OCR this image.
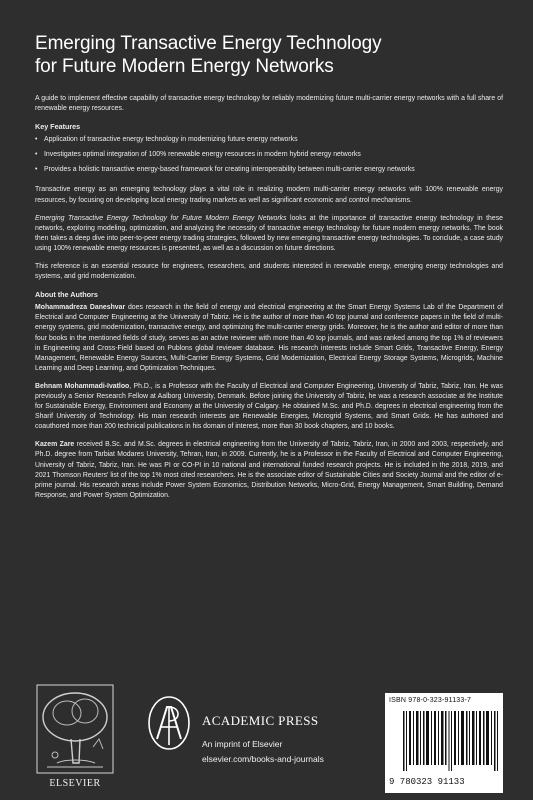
Emerging Transactive Energy Technology
for Future Modern Energy Networks

A guide to implement effective capability of transactive energy technology for reliably modernizing future multi-carrier energy networks with a full share of renewable energy resources.

Key Features
• Application of transactive energy technology in modernizing future energy networks
• Investigates optimal integration of 100% renewable energy resources in modern hybrid energy networks
• Provides a holistic transactive energy-based framework for creating interoperability between multi-carrier energy networks

Transactive energy as an emerging technology plays a vital role in realizing modern multi-carrier energy networks with 100% renewable energy resources, by focusing on developing local energy trading markets as well as significant economic and control mechanisms.

Emerging Transactive Energy Technology for Future Modern Energy Networks looks at the importance of transactive energy technology in these networks, exploring modeling, optimization, and analyzing the necessity of transactive energy technology for future modern energy networks. The book then takes a deep dive into peer-to-peer energy trading strategies, followed by new emerging transactive energy technologies. To conclude, a case study using 100% renewable energy resources is presented, as well as a discussion on future directions.

This reference is an essential resource for engineers, researchers, and students interested in renewable energy, emerging energy technologies and systems, and grid modernization.

About the Authors

Mohammadreza Daneshvar does research in the field of energy and electrical engineering at the Smart Energy Systems Lab of the Department of Electrical and Computer Engineering at the University of Tabriz. He is the author of more than 40 top journal and conference papers in the field of multi-energy systems, grid modernization, transactive energy, and optimizing the multi-carrier energy grids. Moreover, he is the author and editor of more than four books in the mentioned fields of study, serves as an active reviewer with more than 40 top journals, and was ranked among the top 1% of reviewers in Engineering and Cross-Field based on Publons global reviewer database. His research interests include Smart Grids, Transactive Energy, Energy Management, Renewable Energy Sources, Multi-Carrier Energy Systems, Grid Modernization, Electrical Energy Storage Systems, Microgrids, Machine Learning and Deep Learning, and Optimization Techniques.

Behnam Mohammadi-Ivatloo, Ph.D., is a Professor with the Faculty of Electrical and Computer Engineering, University of Tabriz, Tabriz, Iran. He was previously a Senior Research Fellow at Aalborg University, Denmark. Before joining the University of Tabriz, he was a research associate at the Institute for Sustainable Energy, Environment and Economy at the University of Calgary. He obtained M.Sc. and Ph.D. degrees in electrical engineering from the Sharif University of Technology. His main research interests are Renewable Energies, Microgrid Systems, and Smart Grids. He has authored and coauthored more than 200 technical publications in his domain of interest, more than 30 book chapters, and 10 books.

Kazem Zare received B.Sc. and M.Sc. degrees in electrical engineering from the University of Tabriz, Tabriz, Iran, in 2000 and 2003, respectively, and Ph.D. degree from Tarbiat Modares University, Tehran, Iran, in 2009. Currently, he is a Professor in the Faculty of Electrical and Computer Engineering, University of Tabriz, Tabriz, Iran. He was PI or CO-PI in 10 national and international funded research projects. He is included in the 2018, 2019, and 2021 Thomson Reuters' list of the top 1% most cited researchers. He is the associate editor of Sustainable Cities and Society Journal and the editor of e-prime journal. His research areas include Power System Economics, Distribution Networks, Micro-Grid, Energy Management, Smart Building, Demand Response, and Power System Optimization.

ELSEVIER
ACADEMIC PRESS
An imprint of Elsevier
elsevier.com/books-and-journals
ISBN 978-0-323-91133-7
9 780323 91133
